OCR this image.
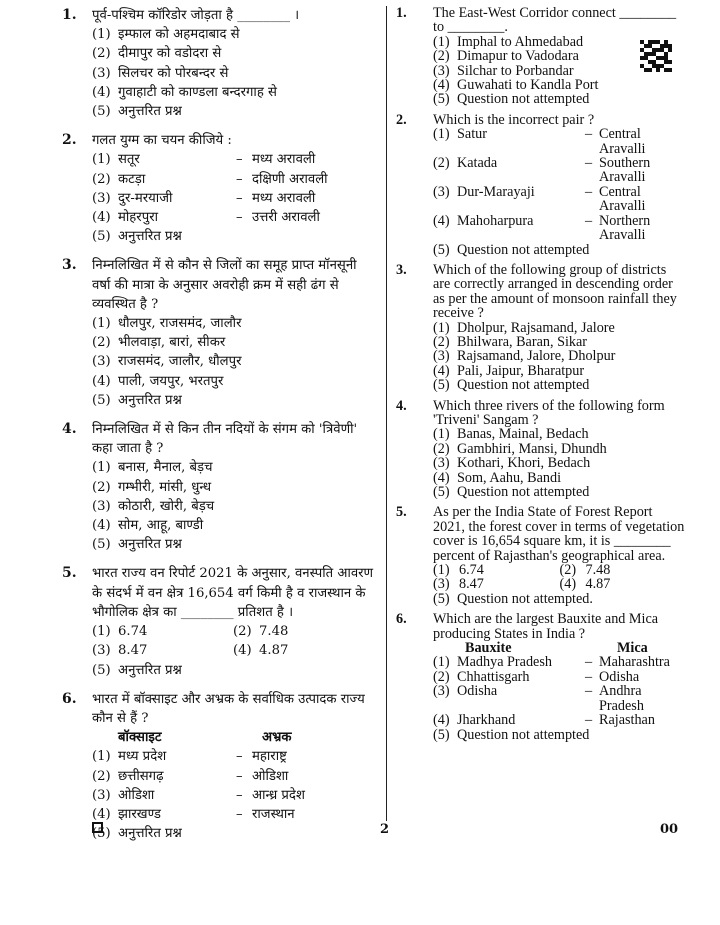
1. पूर्व-पश्चिम कॉरिडोर जोड़ता है ________ ।
(1) इम्फाल को अहमदाबाद से
(2) दीमापुर को वडोदरा से
(3) सिलचर को पोरबन्दर से
(4) गुवाहाटी को काण्डला बन्दरगाह से
(5) अनुत्तरित प्रश्न
2. गलत युग्म का चयन कीजिये :
(1) सतूर	– मध्य अरावली
(2) कटड़ा	– दक्षिणी अरावली
(3) दुर-मरयाजी	– मध्य अरावली
(4) मोहरपुरा	– उत्तरी अरावली
(5) अनुत्तरित प्रश्न
3. निम्नलिखित में से कौन से जिलों का समूह प्राप्त मॉनसूनी वर्षा की मात्रा के अनुसार अवरोही क्रम में सही ढंग से व्यवस्थित है ?
(1) धौलपुर, राजसमंद, जालौर
(2) भीलवाड़ा, बारां, सीकर
(3) राजसमंद, जालौर, धौलपुर
(4) पाली, जयपुर, भरतपुर
(5) अनुत्तरित प्रश्न
4. निम्नलिखित में से किन तीन नदियों के संगम को 'त्रिवेणी' कहा जाता है ?
(1) बनास, मैनाल, बेड़च
(2) गम्भीरी, मांसी, धुन्ध
(3) कोठारी, खोरी, बेड़च
(4) सोम, आहू, बाण्डी
(5) अनुत्तरित प्रश्न
5. भारत राज्य वन रिपोर्ट 2021 के अनुसार, वनस्पति आवरण के संदर्भ में वन क्षेत्र 16,654 वर्ग किमी है व राजस्थान के भौगोलिक क्षेत्र का ________ प्रतिशत है ।
(1) 6.74	(2) 7.48
(3) 8.47	(4) 4.87
(5) अनुत्तरित प्रश्न
6. भारत में बॉक्साइट और अभ्रक के सर्वाधिक उत्पादक राज्य कौन से हैं ?
बॉक्साइट	अभ्रक
(1) मध्य प्रदेश	– महाराष्ट्र
(2) छत्तीसगढ़	– ओडिशा
(3) ओडिशा	– आन्ध्र प्रदेश
(4) झारखण्ड	– राजस्थान
(5) अनुत्तरित प्रश्न
1. The East-West Corridor connect ________ to ________.
(1) Imphal to Ahmedabad
(2) Dimapur to Vadodara
(3) Silchar to Porbandar
(4) Guwahati to Kandla Port
(5) Question not attempted
2. Which is the incorrect pair ?
(1) Satur	– Central Aravalli
(2) Katada	– Southern Aravalli
(3) Dur-Marayaji	– Central Aravalli
(4) Mahoharpura	– Northern Aravalli
(5) Question not attempted
3. Which of the following group of districts are correctly arranged in descending order as per the amount of monsoon rainfall they receive ?
(1) Dholpur, Rajsamand, Jalore
(2) Bhilwara, Baran, Sikar
(3) Rajsamand, Jalore, Dholpur
(4) Pali, Jaipur, Bharatpur
(5) Question not attempted
4. Which three rivers of the following form 'Triveni' Sangam ?
(1) Banas, Mainal, Bedach
(2) Gambhiri, Mansi, Dhundh
(3) Kothari, Khori, Bedach
(4) Som, Aahu, Bandi
(5) Question not attempted
5. As per the India State of Forest Report 2021, the forest cover in terms of vegetation cover is 16,654 square km, it is ________ percent of Rajasthan's geographical area.
(1) 6.74	(2) 7.48
(3) 8.47	(4) 4.87
(5) Question not attempted.
6. Which are the largest Bauxite and Mica producing States in India ?
Bauxite	Mica
(1) Madhya Pradesh	– Maharashtra
(2) Chhattisgarh	– Odisha
(3) Odisha	– Andhra Pradesh
(4) Jharkhand	– Rajasthan
(5) Question not attempted
2	00
